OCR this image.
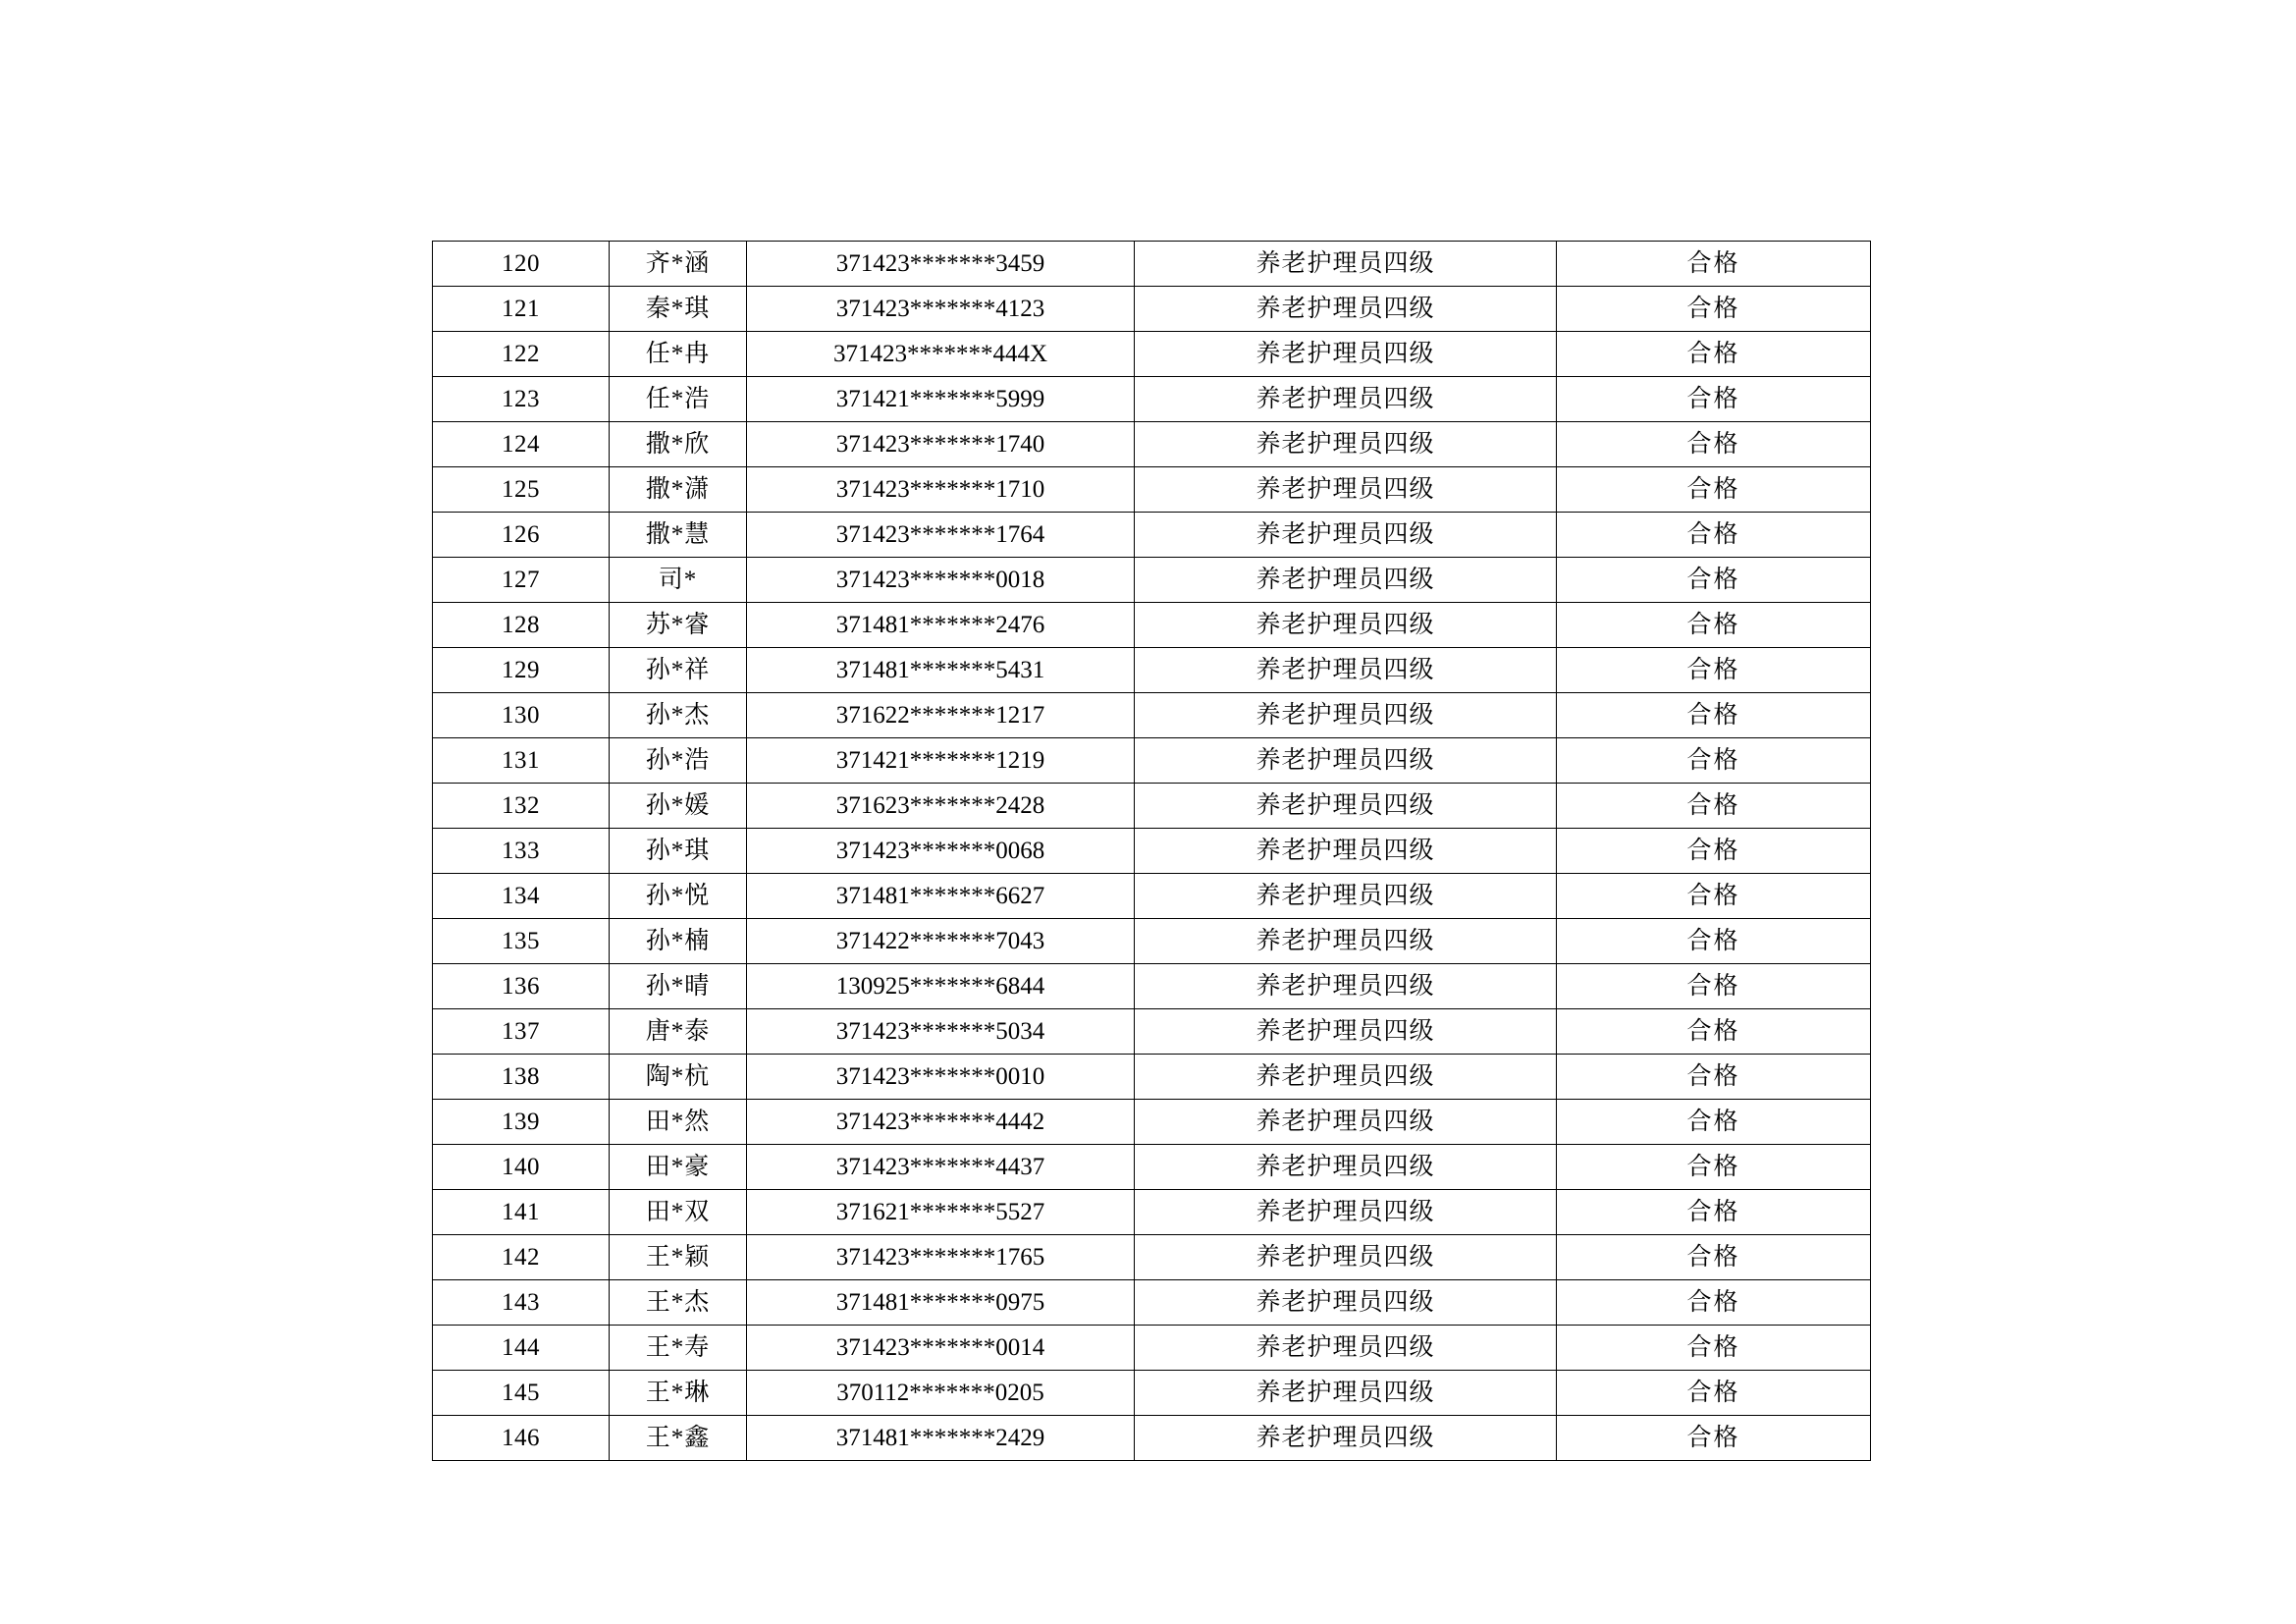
120	齐*涵	371423*******3459	养老护理员四级	合格
121	秦*琪	371423*******4123	养老护理员四级	合格
122	任*冉	371423*******444X	养老护理员四级	合格
123	任*浩	371421*******5999	养老护理员四级	合格
124	撒*欣	371423*******1740	养老护理员四级	合格
125	撒*潇	371423*******1710	养老护理员四级	合格
126	撒*慧	371423*******1764	养老护理员四级	合格
127	司*	371423*******0018	养老护理员四级	合格
128	苏*睿	371481*******2476	养老护理员四级	合格
129	孙*祥	371481*******5431	养老护理员四级	合格
130	孙*杰	371622*******1217	养老护理员四级	合格
131	孙*浩	371421*******1219	养老护理员四级	合格
132	孙*媛	371623*******2428	养老护理员四级	合格
133	孙*琪	371423*******0068	养老护理员四级	合格
134	孙*悦	371481*******6627	养老护理员四级	合格
135	孙*楠	371422*******7043	养老护理员四级	合格
136	孙*晴	130925*******6844	养老护理员四级	合格
137	唐*泰	371423*******5034	养老护理员四级	合格
138	陶*杭	371423*******0010	养老护理员四级	合格
139	田*然	371423*******4442	养老护理员四级	合格
140	田*豪	371423*******4437	养老护理员四级	合格
141	田*双	371621*******5527	养老护理员四级	合格
142	王*颖	371423*******1765	养老护理员四级	合格
143	王*杰	371481*******0975	养老护理员四级	合格
144	王*寿	371423*******0014	养老护理员四级	合格
145	王*琳	370112*******0205	养老护理员四级	合格
146	王*鑫	371481*******2429	养老护理员四级	合格
